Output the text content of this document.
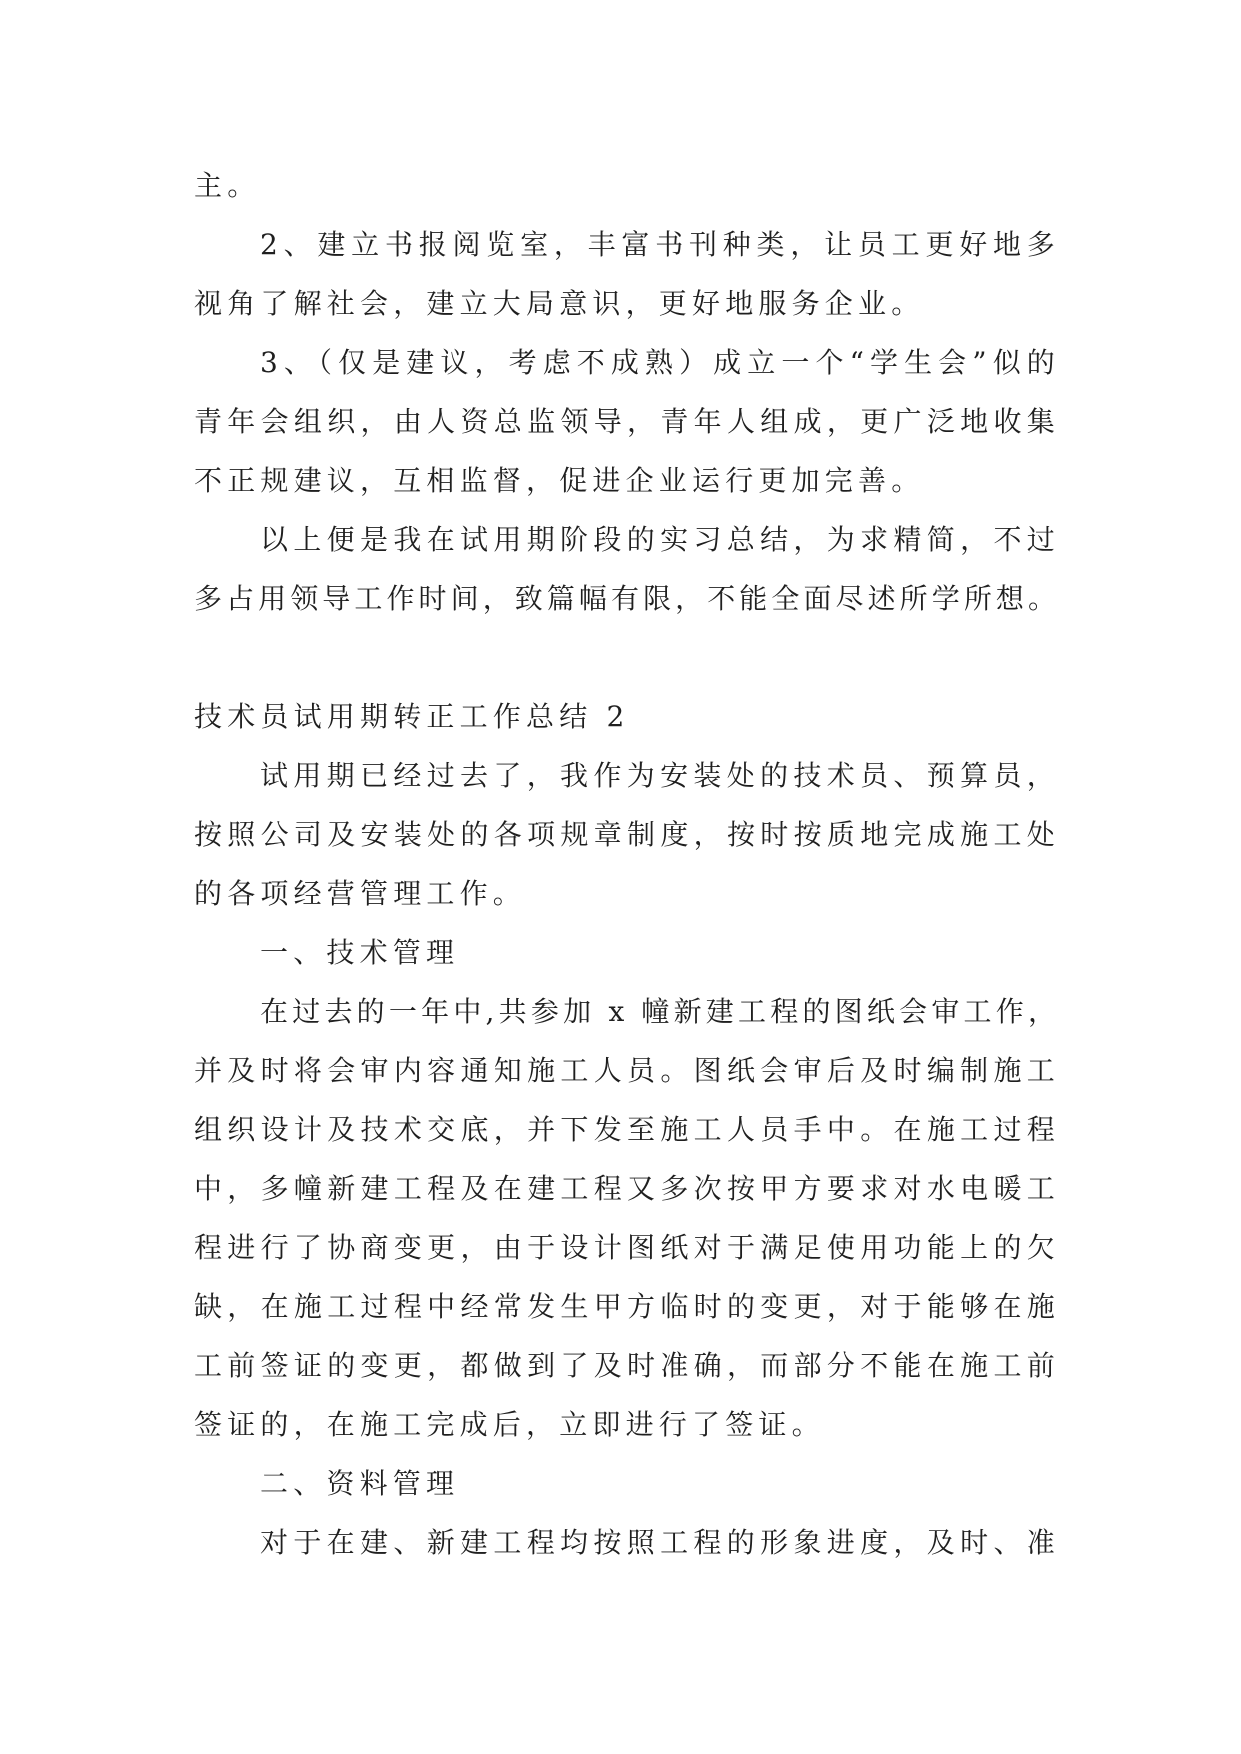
主。
2、建立书报阅览室，丰富书刊种类，让员工更好地多
视角了解社会，建立大局意识，更好地服务企业。
3、（仅是建议，考虑不成熟）成立一个“学生会”似的
青年会组织，由人资总监领导，青年人组成，更广泛地收集
不正规建议，互相监督，促进企业运行更加完善。
以上便是我在试用期阶段的实习总结，为求精简，不过
多占用领导工作时间，致篇幅有限，不能全面尽述所学所想。
技术员试用期转正工作总结 2
试用期已经过去了，我作为安装处的技术员、预算员，
按照公司及安装处的各项规章制度，按时按质地完成施工处
的各项经营管理工作。
一、技术管理
在过去的一年中,共参加 x 幢新建工程的图纸会审工作，
并及时将会审内容通知施工人员。图纸会审后及时编制施工
组织设计及技术交底，并下发至施工人员手中。在施工过程
中，多幢新建工程及在建工程又多次按甲方要求对水电暖工
程进行了协商变更，由于设计图纸对于满足使用功能上的欠
缺，在施工过程中经常发生甲方临时的变更，对于能够在施
工前签证的变更，都做到了及时准确，而部分不能在施工前
签证的，在施工完成后，立即进行了签证。
二、资料管理
对于在建、新建工程均按照工程的形象进度，及时、准
